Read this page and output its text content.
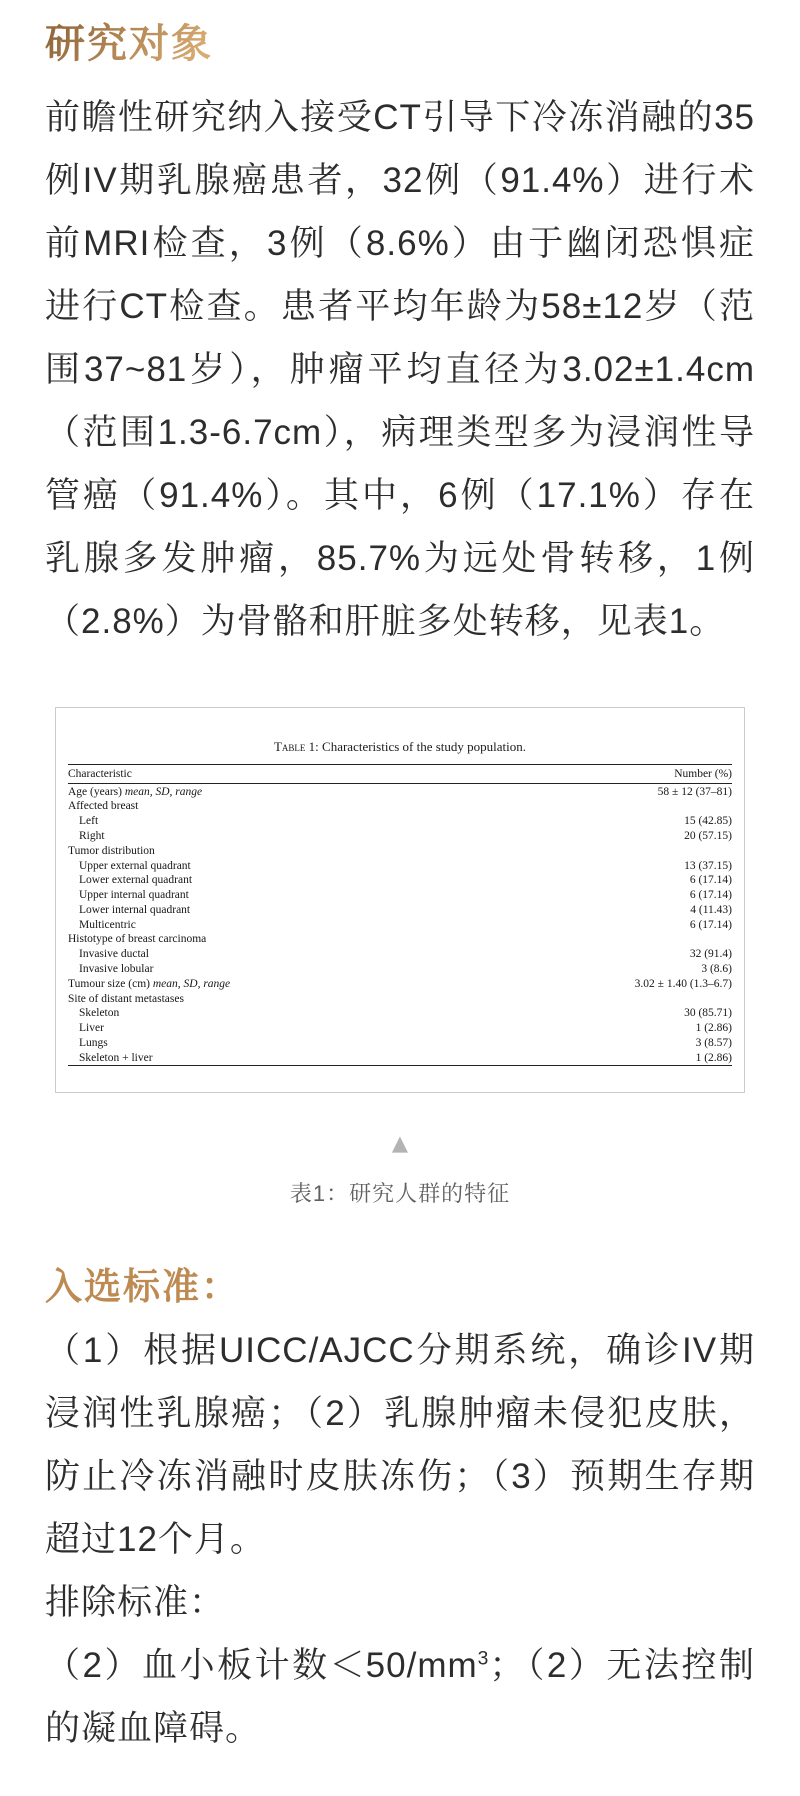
研究对象

前瞻性研究纳入接受CT引导下冷冻消融的35例IV期乳腺癌患者，32例（91.4%）进行术前MRI检查，3例（8.6%）由于幽闭恐惧症进行CT检查。患者平均年龄为58±12岁（范围37~81岁），肿瘤平均直径为3.02±1.4cm（范围1.3-6.7cm），病理类型多为浸润性导管癌（91.4%）。其中，6例（17.1%）存在乳腺多发肿瘤，85.7%为远处骨转移，1例（2.8%）为骨骼和肝脏多处转移，见表1。

Table 1: Characteristics of the study population.
Characteristic	Number (%)
Age (years) mean, SD, range	58 ± 12 (37–81)
Affected breast	
Left	15 (42.85)
Right	20 (57.15)
Tumor distribution	
Upper external quadrant	13 (37.15)
Lower external quadrant	6 (17.14)
Upper internal quadrant	6 (17.14)
Lower internal quadrant	4 (11.43)
Multicentric	6 (17.14)
Histotype of breast carcinoma	
Invasive ductal	32 (91.4)
Invasive lobular	3 (8.6)
Tumour size (cm) mean, SD, range	3.02 ± 1.40 (1.3–6.7)
Site of distant metastases	
Skeleton	30 (85.71)
Liver	1 (2.86)
Lungs	3 (8.57)
Skeleton + liver	1 (2.86)
▲
表1：研究人群的特征
入选标准：

（1）根据UICC/AJCC分期系统，确诊IV期浸润性乳腺癌；（2）乳腺肿瘤未侵犯皮肤，防止冷冻消融时皮肤冻伤；（3）预期生存期超过12个月。

排除标准：

（2）血小板计数$<50/mm^3$；（2）无法控制的凝血障碍。
